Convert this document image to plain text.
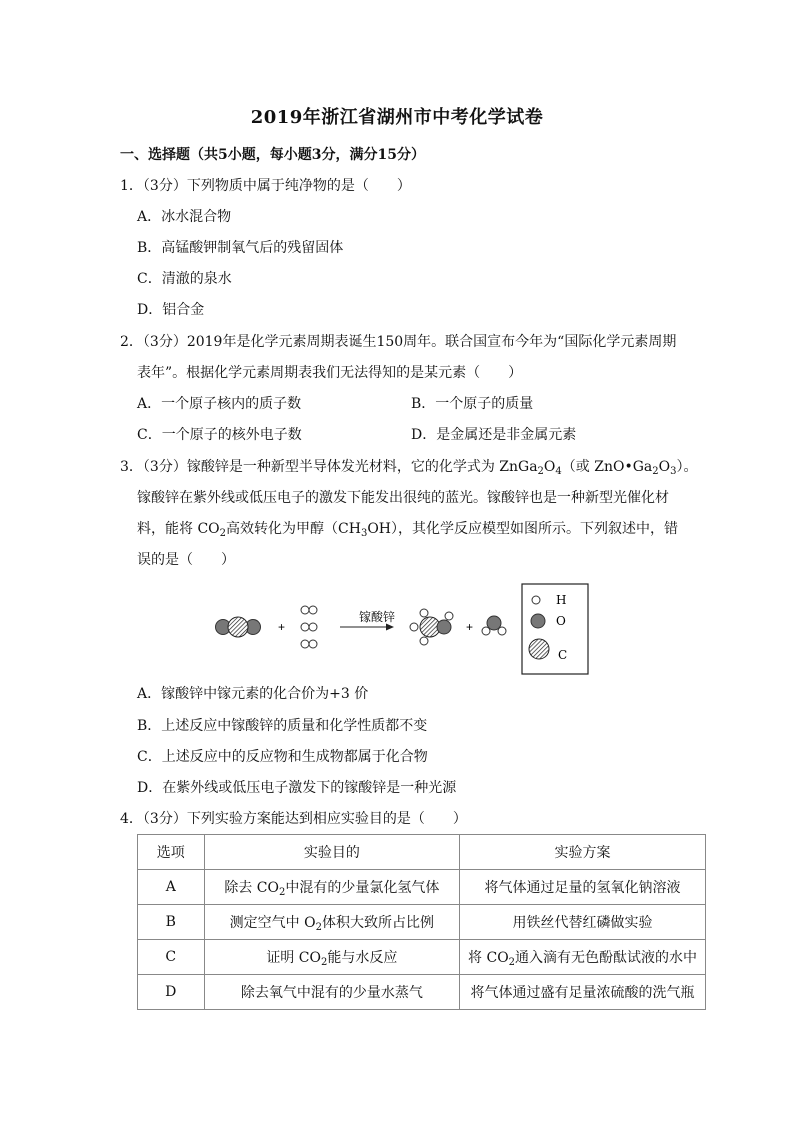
2019年浙江省湖州市中考化学试卷
一、选择题（共5小题，每小题3分，满分15分）
1．（3分）下列物质中属于纯净物的是（　　）
A．冰水混合物
B．高锰酸钾制氧气后的残留固体
C．清澈的泉水
D．铝合金
2．（3分）2019年是化学元素周期表诞生150周年。联合国宣布今年为“国际化学元素周期
表年”。根据化学元素周期表我们无法得知的是某元素（　　）
A．一个原子核内的质子数	B．一个原子的质量
C．一个原子的核外电子数	D．是金属还是非金属元素
3．（3分）镓酸锌是一种新型半导体发光材料，它的化学式为 $ZnGa_2O_4$（或 $ZnO•Ga_2O_3$）。
镓酸锌在紫外线或低压电子的激发下能发出很纯的蓝光。镓酸锌也是一种新型光催化材
料，能将 $CO_2$高效转化为甲醇$(CH_3OH)$，其化学反应模型如图所示。下列叙述中，错
误的是（　　）
+
镓酸锌
+
H
O
C
A．镓酸锌中镓元素的化合价为+3 价
B．上述反应中镓酸锌的质量和化学性质都不变
C．上述反应中的反应物和生成物都属于化合物
D．在紫外线或低压电子激发下的镓酸锌是一种光源
4．（3分）下列实验方案能达到相应实验目的是（　　）
选项	实验目的	实验方案
A	除去 $CO_2$中混有的少量氯化氢气体	将气体通过足量的氢氧化钠溶液
B	测定空气中 $O_2$体积大致所占比例	用铁丝代替红磷做实验
C	证明 $CO_2$能与水反应	将 $CO_2$通入滴有无色酚酞试液的水中
D	除去氧气中混有的少量水蒸气	将气体通过盛有足量浓硫酸的洗气瓶
